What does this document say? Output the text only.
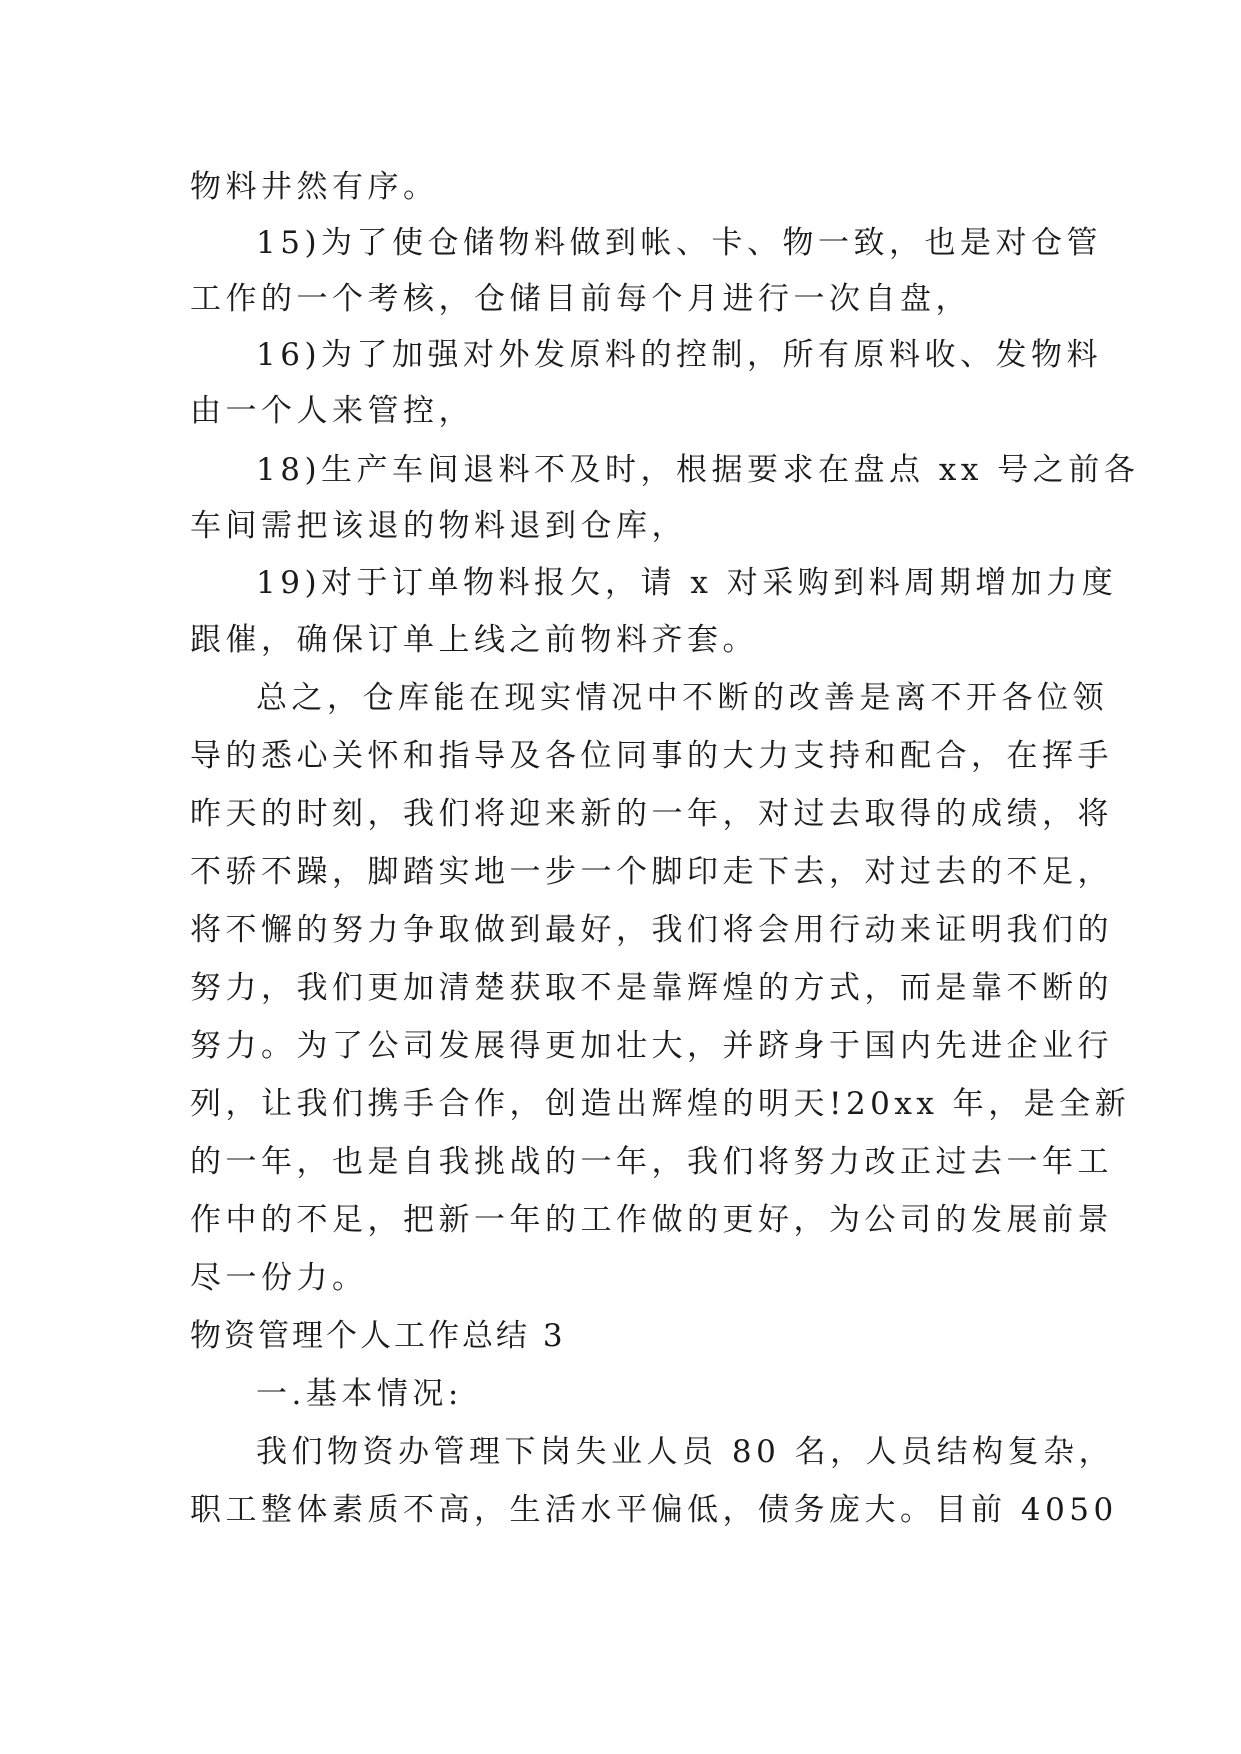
物料井然有序。
15)为了使仓储物料做到帐、卡、物一致，也是对仓管
工作的一个考核，仓储目前每个月进行一次自盘，
16)为了加强对外发原料的控制，所有原料收、发物料
由一个人来管控，
18)生产车间退料不及时，根据要求在盘点 xx 号之前各
车间需把该退的物料退到仓库，
19)对于订单物料报欠，请 x 对采购到料周期增加力度
跟催，确保订单上线之前物料齐套。
总之，仓库能在现实情况中不断的改善是离不开各位领
导的悉心关怀和指导及各位同事的大力支持和配合，在挥手
昨天的时刻，我们将迎来新的一年，对过去取得的成绩，将
不骄不躁，脚踏实地一步一个脚印走下去，对过去的不足，
将不懈的努力争取做到最好，我们将会用行动来证明我们的
努力，我们更加清楚获取不是靠辉煌的方式，而是靠不断的
努力。为了公司发展得更加壮大，并跻身于国内先进企业行
列，让我们携手合作，创造出辉煌的明天!20xx 年，是全新
的一年，也是自我挑战的一年，我们将努力改正过去一年工
作中的不足，把新一年的工作做的更好，为公司的发展前景
尽一份力。
物资管理个人工作总结 3
一.基本情况:
我们物资办管理下岗失业人员 80 名，人员结构复杂，
职工整体素质不高，生活水平偏低，债务庞大。目前 4050
